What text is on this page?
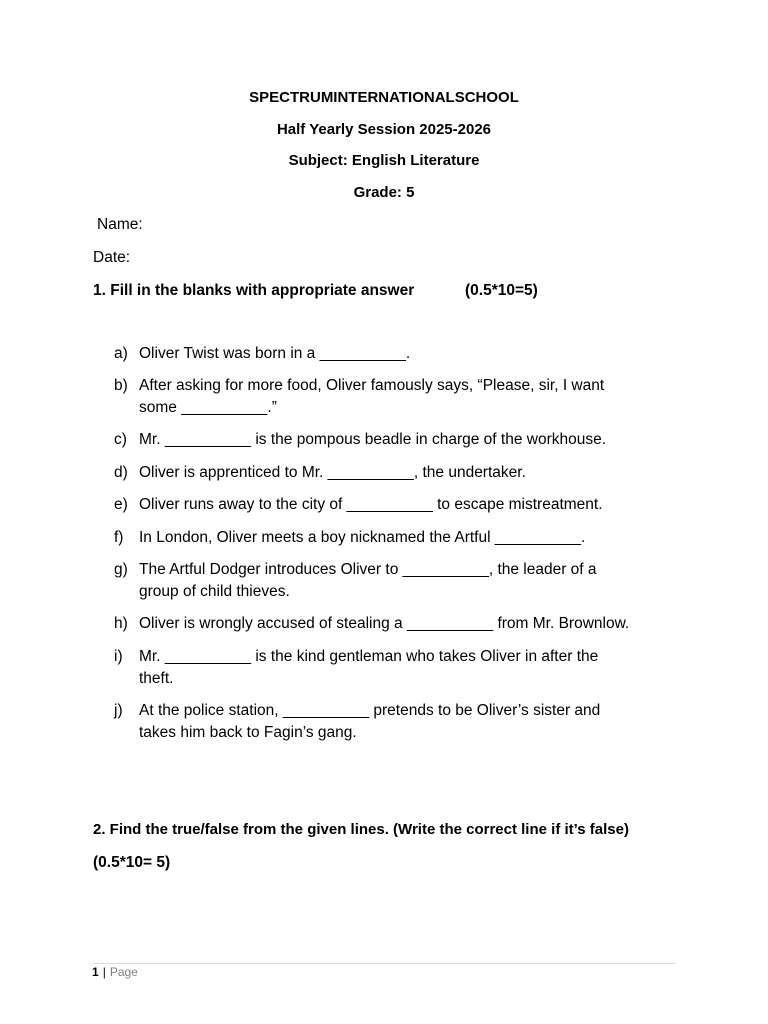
SPECTRUMINTERNATIONALSCHOOL
Half Yearly Session 2025-2026
Subject: English Literature
Grade: 5
Name:
Date:
1. Fill in the blanks with appropriate answer	(0.5*10=5)
a) Oliver Twist was born in a __________.
b) After asking for more food, Oliver famously says, “Please, sir, I want
some __________.”
c) Mr. __________ is the pompous beadle in charge of the workhouse.
d) Oliver is apprenticed to Mr. __________, the undertaker.
e) Oliver runs away to the city of __________ to escape mistreatment.
f)	In London, Oliver meets a boy nicknamed the Artful __________.
g) The Artful Dodger introduces Oliver to __________, the leader of a
group of child thieves.
h) Oliver is wrongly accused of stealing a __________ from Mr. Brownlow.
i)	Mr. __________ is the kind gentleman who takes Oliver in after the
theft.
j)	At the police station, __________ pretends to be Oliver’s sister and
takes him back to Fagin’s gang.
2. Find the true/false from the given lines. (Write the correct line if it’s false)
(0.5*10= 5)
1 | Page
